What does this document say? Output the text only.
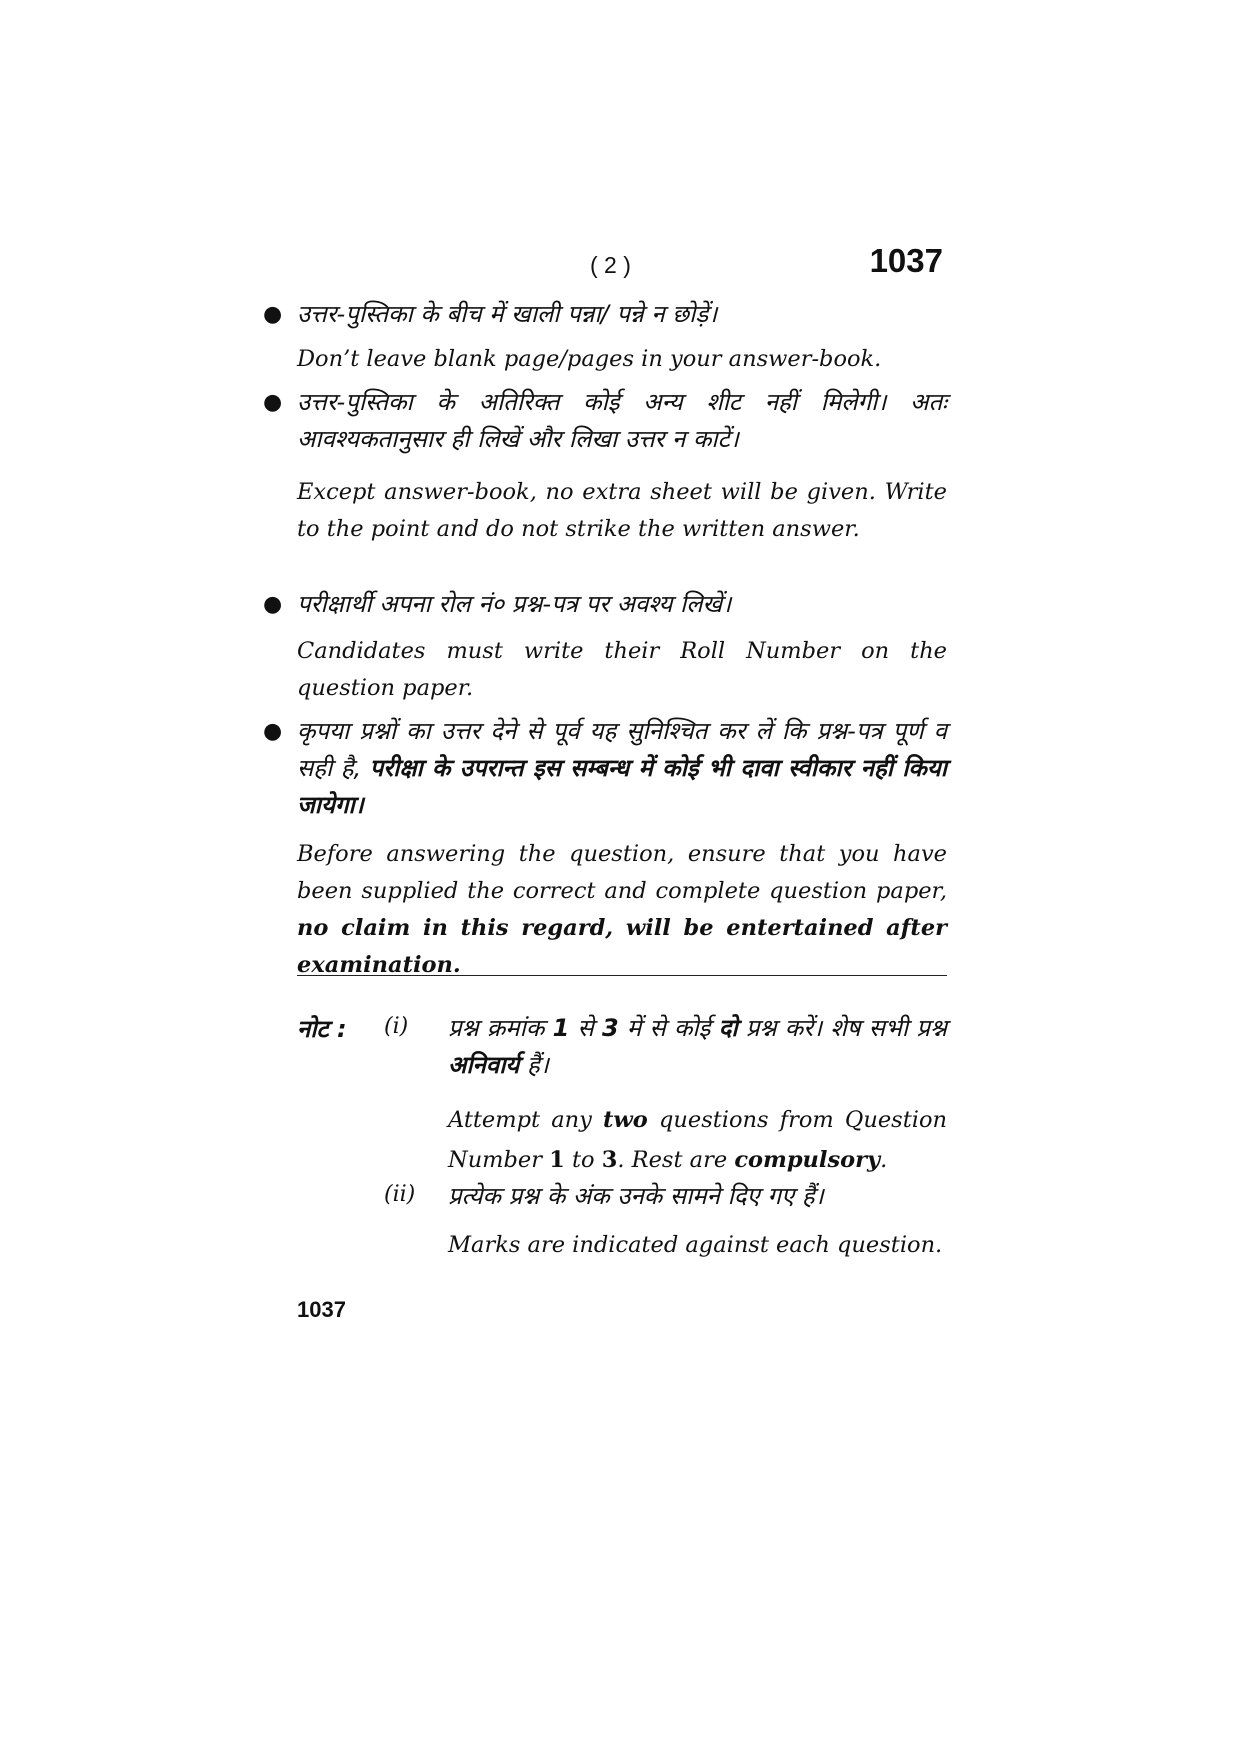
( 2 )	1037
● उत्तर-पुस्तिका के बीच में खाली पन्ना/ पन्ने न छोड़ें।
Don’t leave blank page/pages in your answer-book.
● उत्तर-पुस्तिका के अतिरिक्त कोई अन्य शीट नहीं मिलेगी। अतः आवश्यकतानुसार ही लिखें और लिखा उत्तर न काटें।
Except answer-book, no extra sheet will be given. Write to the point and do not strike the written answer.
● परीक्षार्थी अपना रोल नं० प्रश्न-पत्र पर अवश्य लिखें।
Candidates must write their Roll Number on the question paper.
● कृपया प्रश्नों का उत्तर देने से पूर्व यह सुनिश्चित कर लें कि प्रश्न-पत्र पूर्ण व सही है, परीक्षा के उपरान्त इस सम्बन्ध में कोई भी दावा स्वीकार नहीं किया जायेगा।
Before answering the question, ensure that you have been supplied the correct and complete question paper, no claim in this regard, will be entertained after examination.
नोट : (i) प्रश्न क्रमांक 1 से 3 में से कोई दो प्रश्न करें। शेष सभी प्रश्न अनिवार्य हैं।
Attempt any two questions from Question Number 1 to 3. Rest are compulsory.
(ii) प्रत्येक प्रश्न के अंक उनके सामने दिए गए हैं।
Marks are indicated against each question.
1037
